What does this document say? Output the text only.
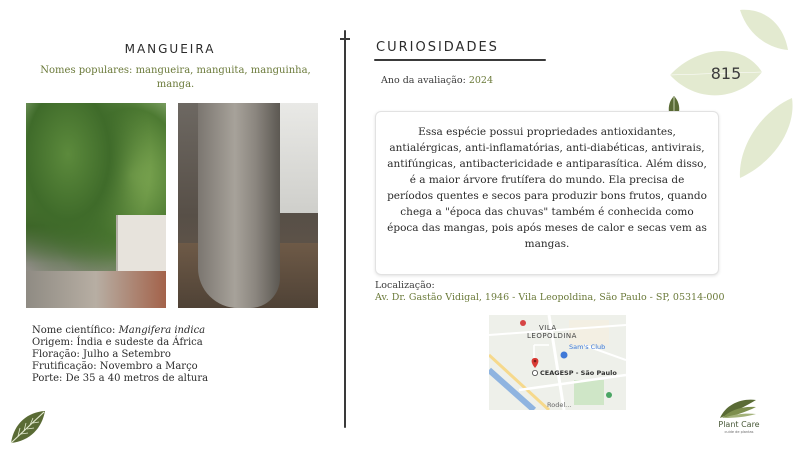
MANGUEIRA
Nomes populares: mangueira, manguita, manguinha, manga.
Nome científico: Mangifera indica
Origem: Índia e sudeste da África
Floração: Julho a Setembro
Frutificação: Novembro a Março
Porte: De 35 a 40 metros de altura
CURIOSIDADES
Ano da avaliação: 2024

Essa espécie possui propriedades antioxidantes, antialérgicas, anti-inflamatórias, anti-diabéticas, antivirais, antifúngicas, antibactericidade e antiparasítica. Além disso, é a maior árvore frutífera do mundo. Ela precisa de períodos quentes e secos para produzir bons frutos, quando chega a "época das chuvas" também é conhecida como época das mangas, pois após meses de calor e secas vem as mangas.

Localização:
Av. Dr. Gastão Vidigal, 1946 - Vila Leopoldina, São Paulo - SP, 05314-000
VILA
LEOPOLDINA
Sam's Club
CEAGESP - São Paulo
Rodel...
815
Plant Care
cuide de plantas
